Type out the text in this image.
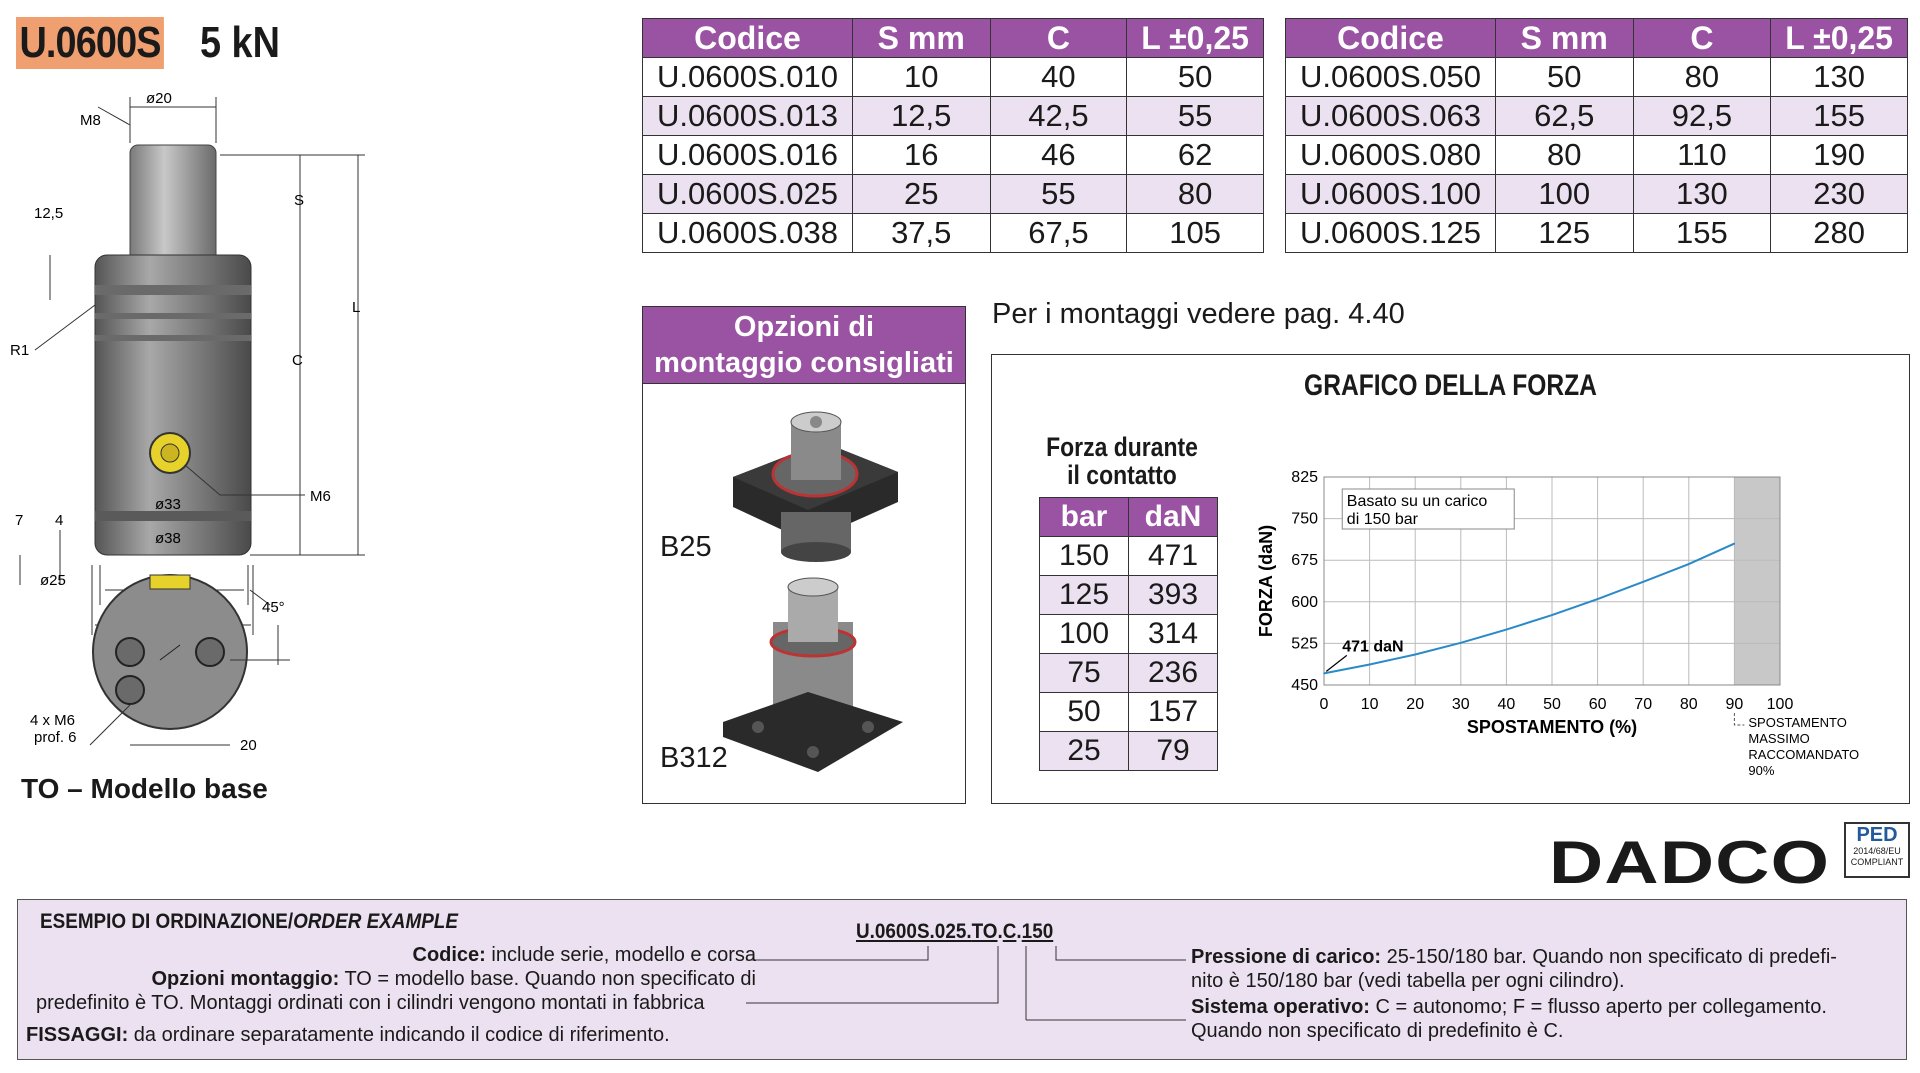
U.0600S 5 kN
ø20
M8
S
12,5
L
C
R1
M6
7 4
ø33
ø38
ø25
45°
4 x M6
prof. 6	20
TO – Modello base
Codice	S mm	C	L ±0,25
U.0600S.010	10	40	50
U.0600S.013	12,5	42,5	55
U.0600S.016	16	46	62
U.0600S.025	25	55	80
U.0600S.038	37,5	67,5	105
Codice	S mm	C	L ±0,25
U.0600S.050	50	80	130
U.0600S.063	62,5	92,5	155
U.0600S.080	80	110	190
U.0600S.100	100	130	230
U.0600S.125	125	155	280
Opzioni di
montaggio consigliati
B25
B312
Per i montaggi vedere pag. 4.40
GRAFICO DELLA FORZA
Forza durante
il contatto
bar	daN
150	471
125	393
100	314
75	236
50	157
25	79
0 10 20 30 40 50 60 70 80 90 100
450
525
600
675
750
825
Basato su un carico
di 150 bar
471 daN
SPOSTAMENTO (%)
FORZA (daN)
SPOSTAMENTO
MASSIMO
RACCOMANDATO
90%
DADCO	PED
2014/68/EU
COMPLIANT
ESEMPIO DI ORDINAZIONE/ORDER EXAMPLE	U.0600S.025.TO.C.150
Codice: include serie, modello e corsa
Opzioni montaggio: TO = modello base. Quando non specificato di
predefinito è TO. Montaggi ordinati con i cilindri vengono montati in fabbrica
FISSAGGI: da ordinare separatamente indicando il codice di riferimento.
Pressione di carico: 25-150/180 bar. Quando non specificato di predefi-
nito è 150/180 bar (vedi tabella per ogni cilindro).
Sistema operativo: C = autonomo; F = flusso aperto per collegamento.
Quando non specificato di predefinito è C.
